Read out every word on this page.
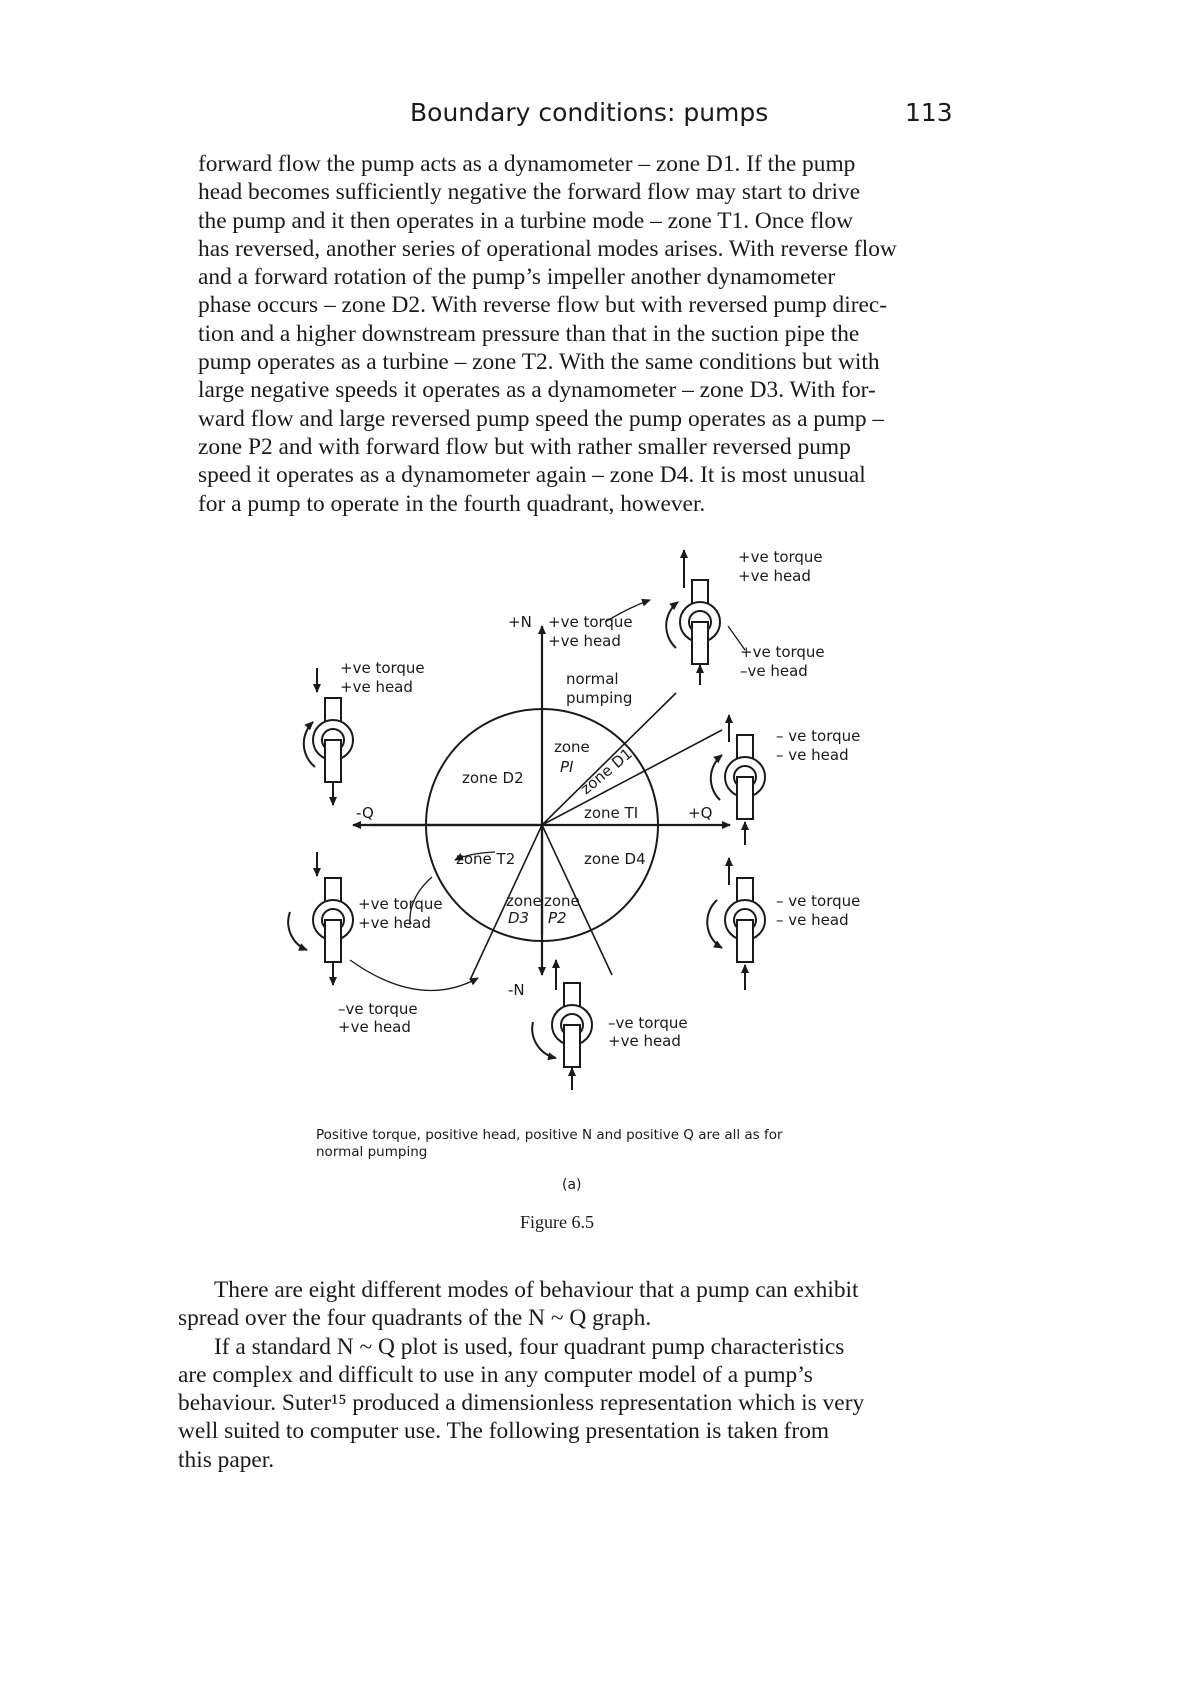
Boundary conditions: pumps	113
forward flow the pump acts as a dynamometer – zone D1. If the pump
head becomes sufficiently negative the forward flow may start to drive
the pump and it then operates in a turbine mode – zone T1. Once flow
has reversed, another series of operational modes arises. With reverse flow
and a forward rotation of the pump’s impeller another dynamometer
phase occurs – zone D2. With reverse flow but with reversed pump direc-
tion and a higher downstream pressure than that in the suction pipe the
pump operates as a turbine – zone T2. With the same conditions but with
large negative speeds it operates as a dynamometer – zone D3. With for-
ward flow and large reversed pump speed the pump operates as a pump –
zone P2 and with forward flow but with rather smaller reversed pump
speed it operates as a dynamometer again – zone D4. It is most unusual
for a pump to operate in the fourth quadrant, however.
+N
-N
+Q
-Q
normal
pumping
zone
PI zone D1
zone TI
zone D2
zone T2	zone D4
zone zone
D3 P2
+ve torque
+ve head
+ve torque
+ve head
+ve torque
–ve head
– ve torque
– ve head
– ve torque
– ve head
+ve torque
+ve head
+ve torque
+ve head
–ve torque
+ve head	–ve torque
+ve head
Positive torque, positive head, positive N and positive Q are all as for
normal pumping
(a)
Figure 6.5
There are eight different modes of behaviour that a pump can exhibit
spread over the four quadrants of the N ~ Q graph.
If a standard N ~ Q plot is used, four quadrant pump characteristics
are complex and difficult to use in any computer model of a pump’s
behaviour. Suter¹⁵ produced a dimensionless representation which is very
well suited to computer use. The following presentation is taken from
this paper.
